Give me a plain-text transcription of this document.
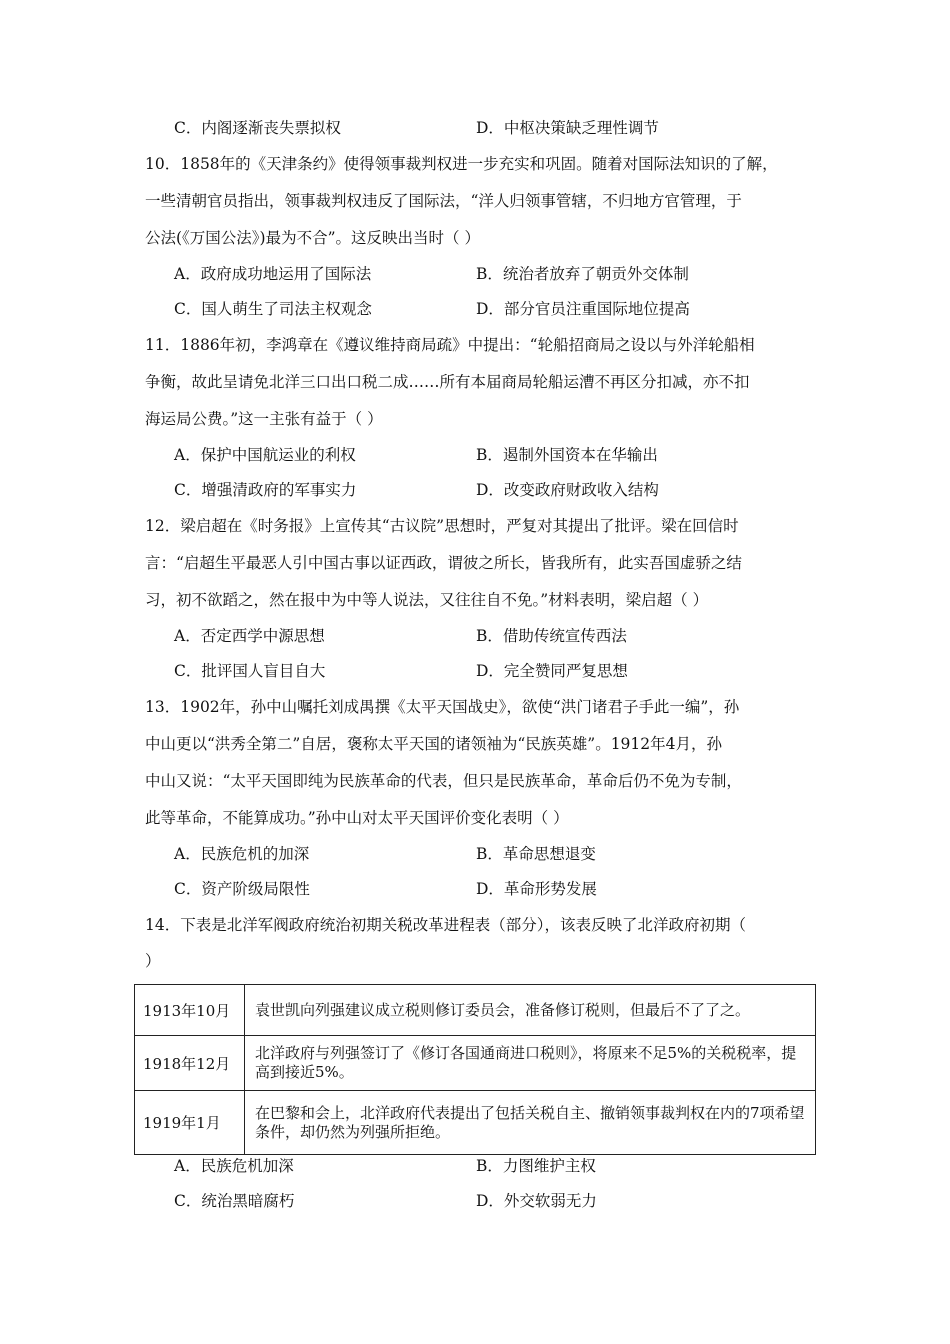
C．内阁逐渐丧失票拟权	D．中枢决策缺乏理性调节
10．1858年的《天津条约》使得领事裁判权进一步充实和巩固。随着对国际法知识的了解，
一些清朝官员指出，领事裁判权违反了国际法，“洋人归领事管辖，不归地方官管理，于
公法(《万国公法》)最为不合”。这反映出当时（ ）
A．政府成功地运用了国际法	B．统治者放弃了朝贡外交体制
C．国人萌生了司法主权观念	D．部分官员注重国际地位提高
11．1886年初，李鸿章在《遵议维持商局疏》中提出：“轮船招商局之设以与外洋轮船相
争衡，故此呈请免北洋三口出口税二成……所有本届商局轮船运漕不再区分扣减，亦不扣
海运局公费。”这一主张有益于（ ）
A．保护中国航运业的利权	B．遏制外国资本在华输出
C．增强清政府的军事实力	D．改变政府财政收入结构
12．梁启超在《时务报》上宣传其“古议院”思想时，严复对其提出了批评。梁在回信时
言：“启超生平最恶人引中国古事以证西政，谓彼之所长，皆我所有，此实吾国虚骄之结
习，初不欲蹈之，然在报中为中等人说法，又往往自不免。”材料表明，梁启超（ ）
A．否定西学中源思想	B．借助传统宣传西法
C．批评国人盲目自大	D．完全赞同严复思想
13．1902年，孙中山嘱托刘成禺撰《太平天国战史》，欲使“洪门诸君子手此一编”，孙
中山更以“洪秀全第二”自居，褒称太平天国的诸领袖为“民族英雄”。1912年4月，孙
中山又说：“太平天国即纯为民族革命的代表，但只是民族革命，革命后仍不免为专制，
此等革命，不能算成功。”孙中山对太平天国评价变化表明（ ）
A．民族危机的加深	B．革命思想退变
C．资产阶级局限性	D．革命形势发展
14．下表是北洋军阀政府统治初期关税改革进程表（部分），该表反映了北洋政府初期（
）
1913年10月	袁世凯向列强建议成立税则修订委员会，准备修订税则，但最后不了了之。
1918年12月	北洋政府与列强签订了《修订各国通商进口税则》，将原来不足5%的关税税率，提高到接近5%。
1919年1月	在巴黎和会上，北洋政府代表提出了包括关税自主、撤销领事裁判权在内的7项希望条件，却仍然为列强所拒绝。
A．民族危机加深	B．力图维护主权
C．统治黑暗腐朽	D．外交软弱无力
